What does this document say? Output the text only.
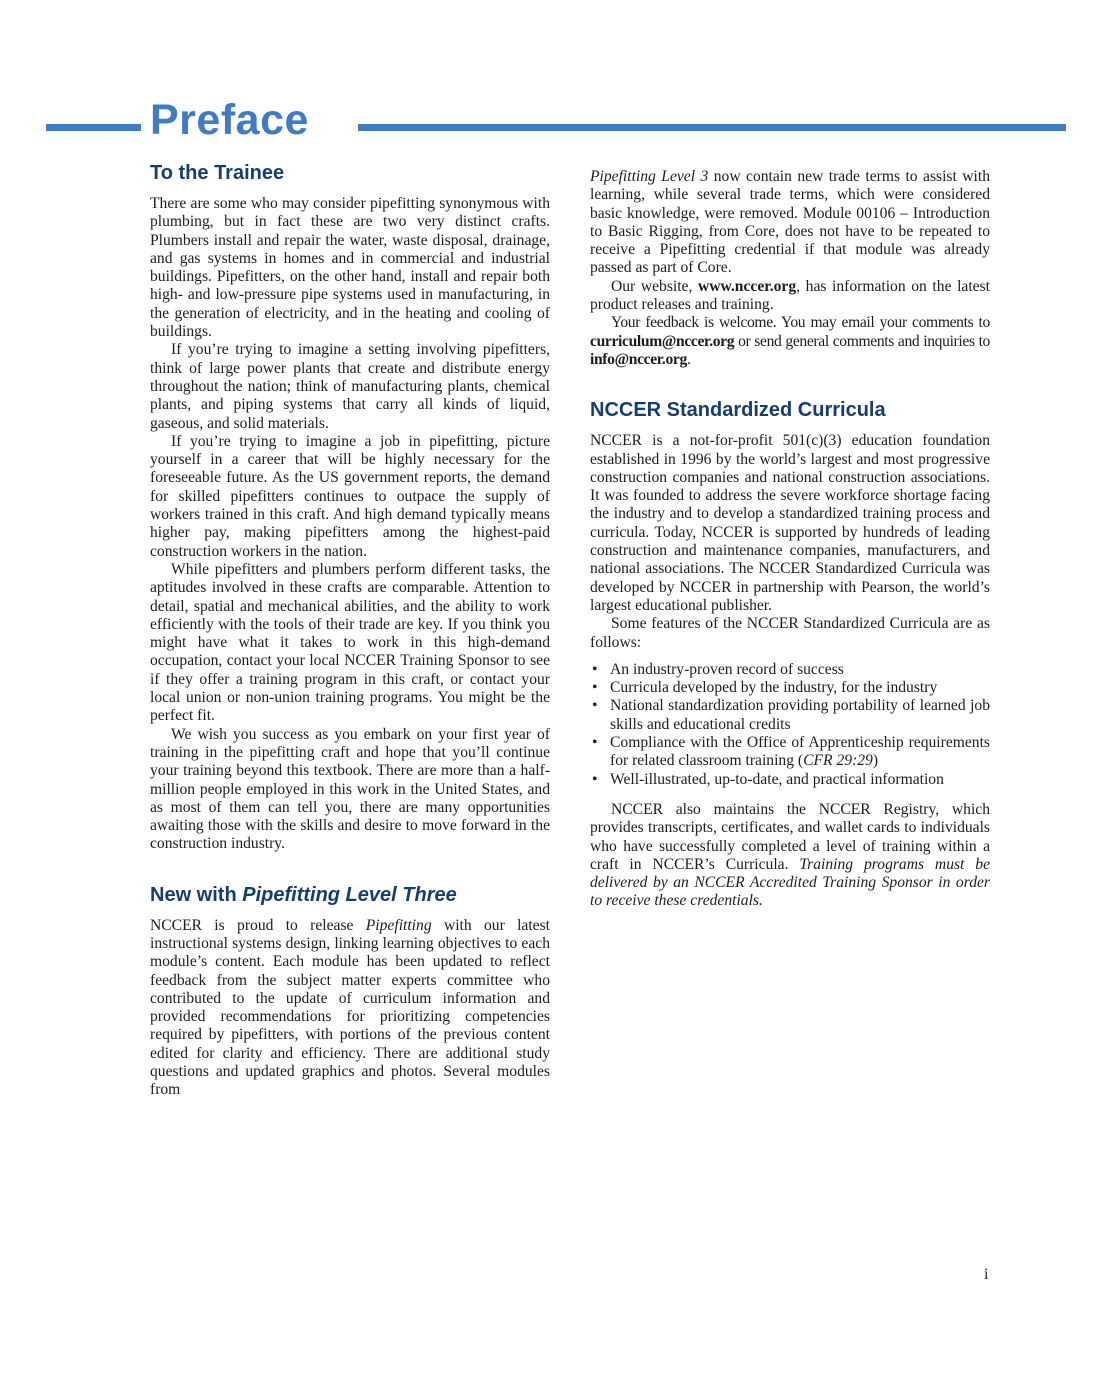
Preface
To the Trainee

There are some who may consider pipefitting synonymous with plumbing, but in fact these are two very distinct crafts. Plumbers install and repair the water, waste disposal, drainage, and gas systems in homes and in commercial and industrial buildings. Pipefitters, on the other hand, install and repair both high- and low-pressure pipe systems used in manufacturing, in the generation of electricity, and in the heating and cooling of buildings.

If you’re trying to imagine a setting involving pipefitters, think of large power plants that create and distribute energy throughout the nation; think of manufacturing plants, chemical plants, and piping systems that carry all kinds of liquid, gaseous, and solid materials.

If you’re trying to imagine a job in pipefitting, picture yourself in a career that will be highly necessary for the foreseeable future. As the US government reports, the demand for skilled pipefitters continues to outpace the supply of workers trained in this craft. And high demand typically means higher pay, making pipefitters among the highest-paid construction workers in the nation.

While pipefitters and plumbers perform different tasks, the aptitudes involved in these crafts are comparable. Attention to detail, spatial and mechanical abilities, and the ability to work efficiently with the tools of their trade are key. If you think you might have what it takes to work in this high-demand occupation, contact your local NCCER Training Sponsor to see if they offer a training program in this craft, or contact your local union or non-union training programs. You might be the perfect fit.

We wish you success as you embark on your first year of training in the pipefitting craft and hope that you’ll continue your training beyond this textbook. There are more than a half-million people employed in this work in the United States, and as most of them can tell you, there are many opportunities awaiting those with the skills and desire to move forward in the construction industry.

New with Pipefitting Level Three

NCCER is proud to release Pipefitting with our latest instructional systems design, linking learning objectives to each module’s content. Each module has been updated to reflect feedback from the subject matter experts committee who contributed to the update of curriculum information and provided recommendations for prioritizing competencies required by pipefitters, with portions of the previous content edited for clarity and efficiency. There are additional study questions and updated graphics and photos. Several modules from

Pipefitting Level 3 now contain new trade terms to assist with learning, while several trade terms, which were considered basic knowledge, were removed. Module 00106 – Introduction to Basic Rigging, from Core, does not have to be repeated to receive a Pipefitting credential if that module was already passed as part of Core.

Our website, www.nccer.org, has information on the latest product releases and training.

Your feedback is welcome. You may email your comments to curriculum@nccer.org or send general comments and inquiries to info@nccer.org.

NCCER Standardized Curricula

NCCER is a not-for-profit 501(c)(3) education foundation established in 1996 by the world’s largest and most progressive construction companies and national construction associations. It was founded to address the severe workforce shortage facing the industry and to develop a standardized training process and curricula. Today, NCCER is supported by hundreds of leading construction and maintenance companies, manufacturers, and national associations. The NCCER Standardized Curricula was developed by NCCER in partnership with Pearson, the world’s largest educational publisher.

Some features of the NCCER Standardized Curricula are as follows:

• An industry-proven record of success
• Curricula developed by the industry, for the industry
• National standardization providing portability of learned job skills and educational credits
• Compliance with the Office of Apprenticeship requirements for related classroom training (CFR 29:29)
• Well-illustrated, up-to-date, and practical information

NCCER also maintains the NCCER Registry, which provides transcripts, certificates, and wallet cards to individuals who have successfully completed a level of training within a craft in NCCER’s Curricula. Training programs must be delivered by an NCCER Accredited Training Sponsor in order to receive these credentials.

i
